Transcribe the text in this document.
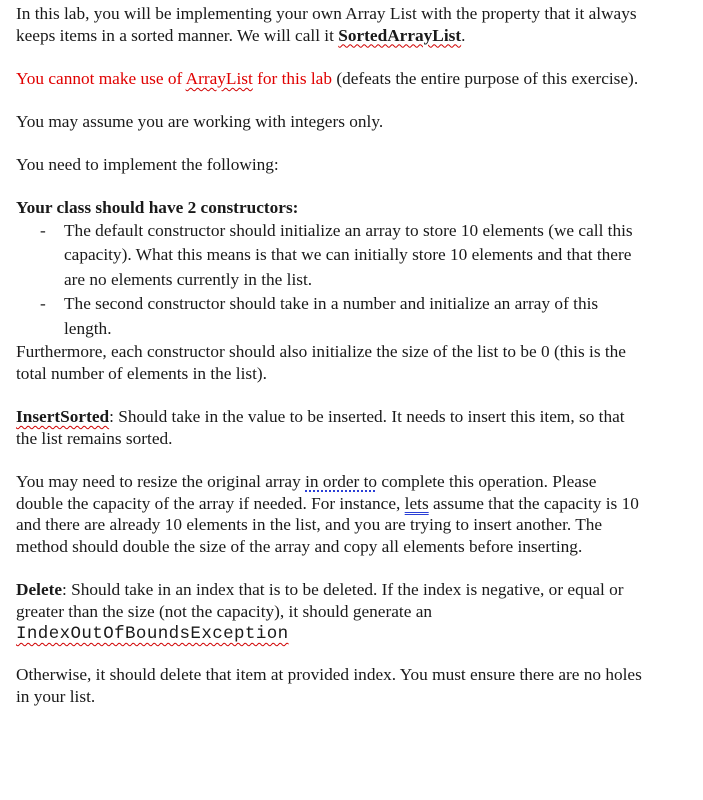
In this lab, you will be implementing your own Array List with the property that it always keeps items in a sorted manner. We will call it SortedArrayList.

You cannot make use of ArrayList for this lab (defeats the entire purpose of this exercise).

You may assume you are working with integers only.

You need to implement the following:

Your class should have 2 constructors:

- The default constructor should initialize an array to store 10 elements (we call this capacity). What this means is that we can initially store 10 elements and that there are no elements currently in the list.
- The second constructor should take in a number and initialize an array of this length.

Furthermore, each constructor should also initialize the size of the list to be 0 (this is the total number of elements in the list).

InsertSorted: Should take in the value to be inserted. It needs to insert this item, so that the list remains sorted.

You may need to resize the original array in order to complete this operation. Please double the capacity of the array if needed. For instance, lets assume that the capacity is 10 and there are already 10 elements in the list, and you are trying to insert another. The method should double the size of the array and copy all elements before inserting.

Delete: Should take in an index that is to be deleted. If the index is negative, or equal or greater than the size (not the capacity), it should generate an

IndexOutOfBoundsException

Otherwise, it should delete that item at provided index. You must ensure there are no holes in your list.
